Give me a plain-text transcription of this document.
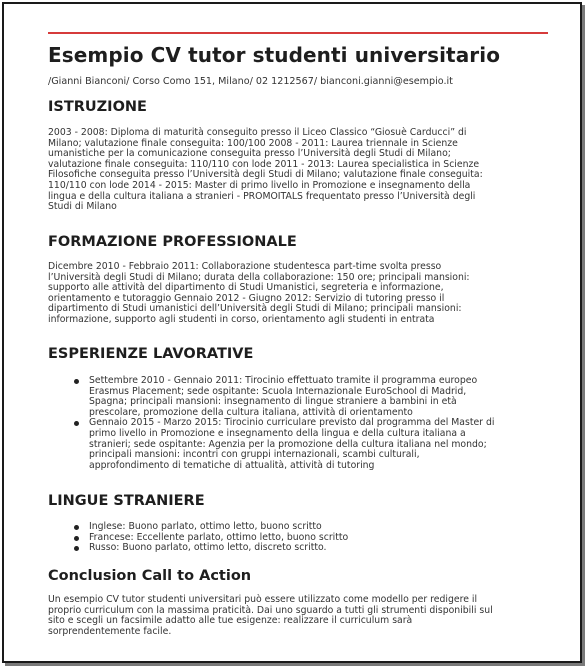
Esempio CV tutor studenti universitario
/Gianni Bianconi/ Corso Como 151, Milano/ 02 1212567/ bianconi.gianni@esempio.it
ISTRUZIONE
2003 - 2008: Diploma di maturità conseguito presso il Liceo Classico “Giosuè Carducci” di
Milano; valutazione finale conseguita: 100/100 2008 - 2011: Laurea triennale in Scienze
umanistiche per la comunicazione conseguita presso l’Università degli Studi di Milano;
valutazione finale conseguita: 110/110 con lode 2011 - 2013: Laurea specialistica in Scienze
Filosofiche conseguita presso l’Università degli Studi di Milano; valutazione finale conseguita:
110/110 con lode 2014 - 2015: Master di primo livello in Promozione e insegnamento della
lingua e della cultura italiana a stranieri - PROMOITALS frequentato presso l’Università degli
Studi di Milano
FORMAZIONE PROFESSIONALE
Dicembre 2010 - Febbraio 2011: Collaborazione studentesca part-time svolta presso
l’Università degli Studi di Milano; durata della collaborazione: 150 ore; principali mansioni:
supporto alle attività del dipartimento di Studi Umanistici, segreteria e informazione,
orientamento e tutoraggio Gennaio 2012 - Giugno 2012: Servizio di tutoring presso il
dipartimento di Studi umanistici dell’Università degli Studi di Milano; principali mansioni:
informazione, supporto agli studenti in corso, orientamento agli studenti in entrata
ESPERIENZE LAVORATIVE
Settembre 2010 - Gennaio 2011: Tirocinio effettuato tramite il programma europeo
Erasmus Placement; sede ospitante: Scuola Internazionale EuroSchool di Madrid,
Spagna; principali mansioni: insegnamento di lingue straniere a bambini in età
prescolare, promozione della cultura italiana, attività di orientamento
Gennaio 2015 - Marzo 2015: Tirocinio curriculare previsto dal programma del Master di
primo livello in Promozione e insegnamento della lingua e della cultura italiana a
stranieri; sede ospitante: Agenzia per la promozione della cultura italiana nel mondo;
principali mansioni: incontri con gruppi internazionali, scambi culturali,
approfondimento di tematiche di attualità, attività di tutoring
LINGUE STRANIERE
Inglese: Buono parlato, ottimo letto, buono scritto
Francese: Eccellente parlato, ottimo letto, buono scritto
Russo: Buono parlato, ottimo letto, discreto scritto.
Conclusion Call to Action
Un esempio CV tutor studenti universitari può essere utilizzato come modello per redigere il
proprio curriculum con la massima praticità. Dai uno sguardo a tutti gli strumenti disponibili sul
sito e scegli un facsimile adatto alle tue esigenze: realizzare il curriculum sarà
sorprendentemente facile.
